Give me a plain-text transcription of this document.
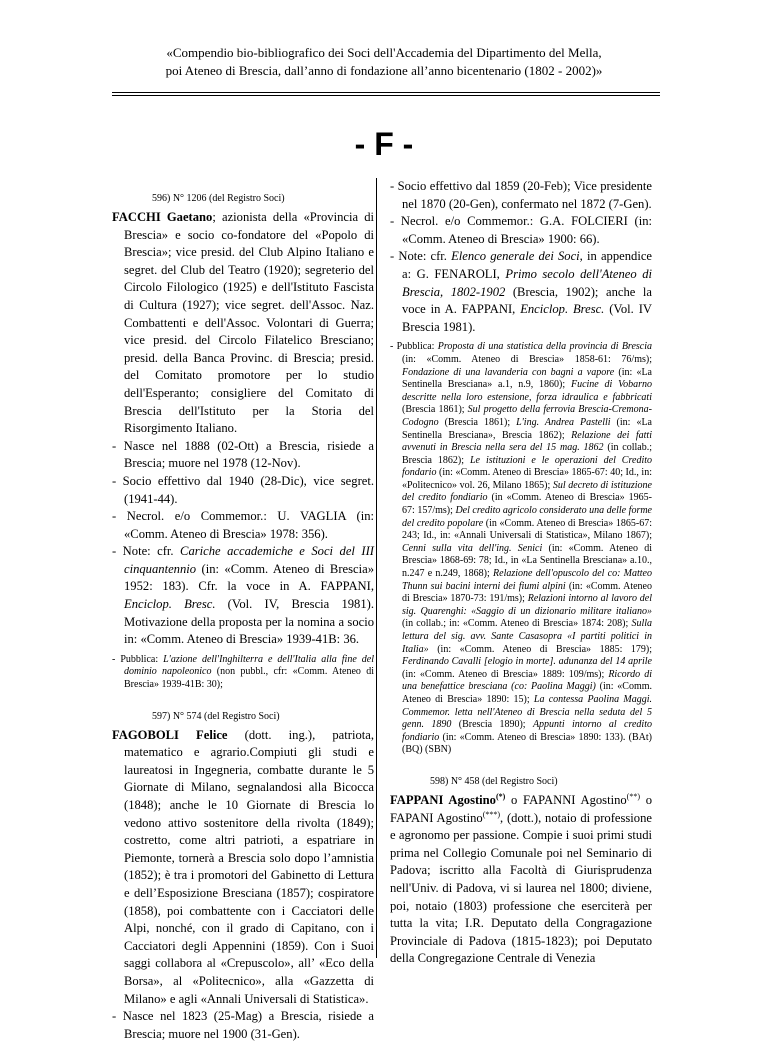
«Compendio bio-bibliografico dei Soci dell'Accademia del Dipartimento del Mella,
poi Ateneo di Brescia, dall’anno di fondazione all’anno bicentenario (1802 - 2002)»
- F -
596) N° 1206 (del Registro Soci)
FACCHI Gaetano; azionista della «Provincia di Brescia» e socio co-fondatore del «Popolo di Brescia»; vice presid. del Club Alpino Italiano e segret. del Club del Teatro (1920); segreterio del Circolo Filologico (1925) e dell'Istituto Fascista di Cultura (1927); vice segret. dell'Assoc. Naz. Combattenti e dell'Assoc. Volontari di Guerra; vice presid. del Circolo Filatelico Bresciano; presid. della Banca Provinc. di Brescia; presid. del Comitato promotore per lo studio dell'Esperanto; consigliere del Comitato di Brescia dell'Istituto per la Storia del Risorgimento Italiano.
- Nasce nel 1888 (02-Ott) a Brescia, risiede a Brescia; muore nel 1978 (12-Nov).
- Socio effettivo dal 1940 (28-Dic), vice segret. (1941-44).
- Necrol. e/o Commemor.: U. VAGLIA (in: «Comm. Ateneo di Brescia» 1978: 356).
- Note: cfr. Cariche accademiche e Soci del III cinquantennio (in: «Comm. Ateneo di Brescia» 1952: 183). Cfr. la voce in A. FAPPANI, Enciclop. Bresc. (Vol. IV, Brescia 1981). Motivazione della proposta per la nomina a socio in: «Comm. Ateneo di Brescia» 1939-41B: 36.
- Pubblica: L'azione dell'Inghilterra e dell'Italia alla fine del dominio napoleonico (non pubbl., cfr: «Comm. Ateneo di Brescia» 1939-41B: 30);
597) N° 574 (del Registro Soci)
FAGOBOLI Felice (dott. ing.), patriota, matematico e agrario.Compiuti gli studi e laureatosi in Ingegneria, combatte durante le 5 Giornate di Milano, segnalandosi alla Bicocca (1848); anche le 10 Giornate di Brescia lo vedono attivo sostenitore della rivolta (1849); costretto, come altri patrioti, a espatriare in Piemonte, tornerà a Brescia solo dopo l’amnistia (1852); è tra i promotori del Gabinetto di Lettura e dell’Esposizione Bresciana (1857); cospiratore (1858), poi combattente con i Cacciatori delle Alpi, nonché, con il grado di Capitano, con i Cacciatori degli Appennini (1859). Con i Suoi saggi collabora al «Crepuscolo», all’ «Eco della Borsa», al «Politecnico», alla «Gazzetta di Milano» e agli «Annali Universali di Statistica».
- Nasce nel 1823 (25-Mag) a Brescia, risiede a Brescia; muore nel 1900 (31-Gen).
- Socio effettivo dal 1859 (20-Feb); Vice presidente nel 1870 (20-Gen), confermato nel 1872 (7-Gen).
- Necrol. e/o Commemor.: G.A. FOLCIERI (in: «Comm. Ateneo di Brescia» 1900: 66).
- Note: cfr. Elenco generale dei Soci, in appendice a: G. FENAROLI, Primo secolo dell'Ateneo di Brescia, 1802-1902 (Brescia, 1902); anche la voce in A. FAPPANI, Enciclop. Bresc. (Vol. IV Brescia 1981).
- Pubblica: Proposta di una statistica della provincia di Brescia (in: «Comm. Ateneo di Brescia» 1858-61: 76/ms); Fondazione di una lavanderia con bagni a vapore (in: «La Sentinella Bresciana» a.1, n.9, 1860); Fucine di Vobarno descritte nella loro estensione, forza idraulica e fabbricati (Brescia 1861); Sul progetto della ferrovia Brescia-Cremona-Codogno (Brescia 1861); L'ing. Andrea Pastelli (in: «La Sentinella Bresciana», Brescia 1862); Relazione dei fatti avvenuti in Brescia nella sera del 15 mag. 1862 (in collab.; Brescia 1862); Le istituzioni e le operazioni del Credito fondario (in: «Comm. Ateneo di Brescia» 1865-67: 40; Id., in: «Politecnico» vol. 26, Milano 1865); Sul decreto di istituzione del credito fondiario (in «Comm. Ateneo di Brescia» 1965-67: 157/ms); Del credito agricolo considerato una delle forme del credito popolare (in «Comm. Ateneo di Brescia» 1865-67: 243; Id., in: «Annali Universali di Statistica», Milano 1867); Cenni sulla vita dell'ing. Senici (in: «Comm. Ateneo di Brescia» 1868-69: 78; Id., in «La Sentinella Bresciana» a.10., n.247 e n.249, 1868); Relazione dell'opuscolo del co: Matteo Thunn sui bacini interni dei fiumi alpini (in: «Comm. Ateneo di Brescia» 1870-73: 191/ms); Relazioni intorno al lavoro del sig. Quarenghi: «Saggio di un dizionario militare italiano» (in collab.; in: «Comm. Ateneo di Brescia» 1874: 208); Sulla lettura del sig. avv. Sante Casasopra «I partiti politici in Italia» (in: «Comm. Ateneo di Brescia» 1885: 179); Ferdinando Cavalli [elogio in morte]. adunanza del 14 aprile (in: «Comm. Ateneo di Brescia» 1889: 109/ms); Ricordo di una benefattice bresciana (co: Paolina Maggi) (in: «Comm. Ateneo di Brescia» 1890: 15); La contessa Paolina Maggi. Commemor. letta nell'Ateneo di Brescia nella seduta del 5 genn. 1890 (Brescia 1890); Appunti intorno al credito fondiario (in: «Comm. Ateneo di Brescia» 1890: 133). (BAt) (BQ) (SBN)
598) N° 458 (del Registro Soci)
FAPPANI Agostino(*) o FAPANNI Agostino(**) o FAPANI Agostino(***), (dott.), notaio di professione e agronomo per passione. Compie i suoi primi studi prima nel Collegio Comunale poi nel Seminario di Padova; iscritto alla Facoltà di Giurisprudenza nell'Univ. di Padova, vi si laurea nel 1800; diviene, poi, notaio (1803) professione che eserciterà per tutta la vita; I.R. Deputato della Congragazione Provinciale di Padova (1815-1823); poi Deputato della Congregazione Centrale di Venezia
